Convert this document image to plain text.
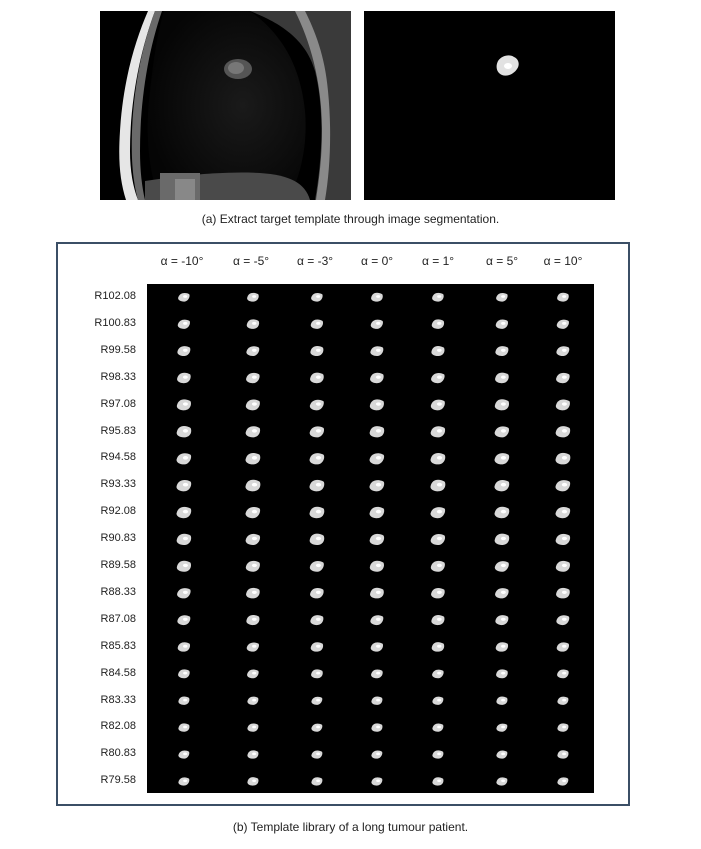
(a) Extract target template through image segmentation.
α = -10°	α = -5°	α = -3°	α = 0°	α = 1°	α = 5°	α = 10°
R102.08
R100.83
R99.58
R98.33
R97.08
R95.83
R94.58
R93.33
R92.08
R90.83
R89.58
R88.33
R87.08
R85.83
R84.58
R83.33
R82.08
R80.83
R79.58
(b) Template library of a long tumour patient.
